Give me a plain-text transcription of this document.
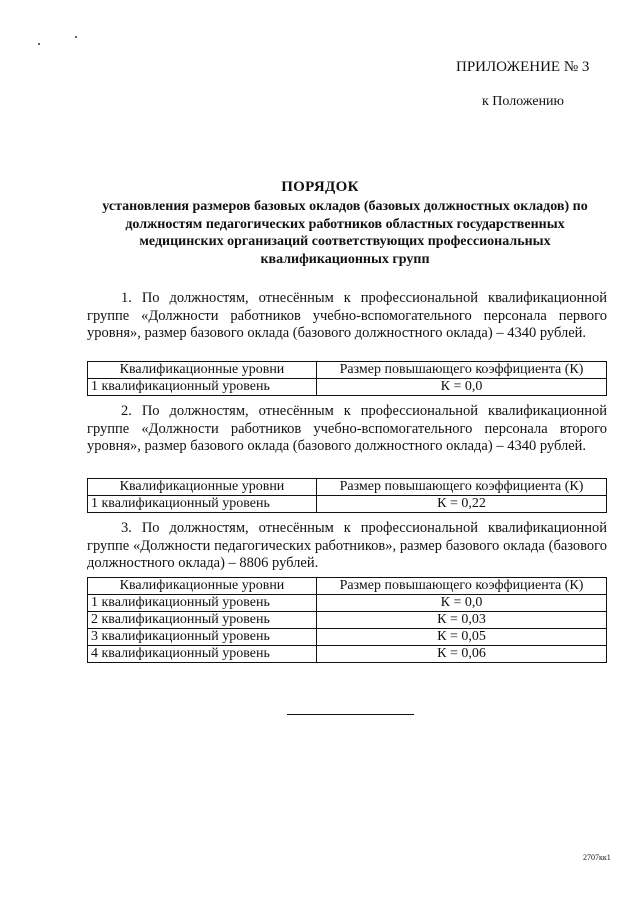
ПРИЛОЖЕНИЕ № 3
к Положению
ПОРЯДОК
установления размеров базовых окладов (базовых должностных окладов) по должностям педагогических работников областных государственных медицинских организаций соответствующих профессиональных квалификационных групп

1. По должностям, отнесённым к профессиональной квалификационной группе «Должности работников учебно-вспомогательного персонала первого уровня», размер базового оклада (базового должностного оклада) – 4340 рублей.

Квалификационные уровни	Размер повышающего коэффициента (К)
1 квалификационный уровень	К = 0,0

2. По должностям, отнесённым к профессиональной квалификационной группе «Должности работников учебно-вспомогательного персонала второго уровня», размер базового оклада (базового должностного оклада) – 4340 рублей.

Квалификационные уровни	Размер повышающего коэффициента (К)
1 квалификационный уровень	К = 0,22

3. По должностям, отнесённым к профессиональной квалификационной группе «Должности педагогических работников», размер базового оклада (базового должностного оклада) – 8806 рублей.

Квалификационные уровни	Размер повышающего коэффициента (К)
1 квалификационный уровень	К = 0,0
2 квалификационный уровень	К = 0,03
3 квалификационный уровень	К = 0,05
4 квалификационный уровень	К = 0,06
2707кк1
